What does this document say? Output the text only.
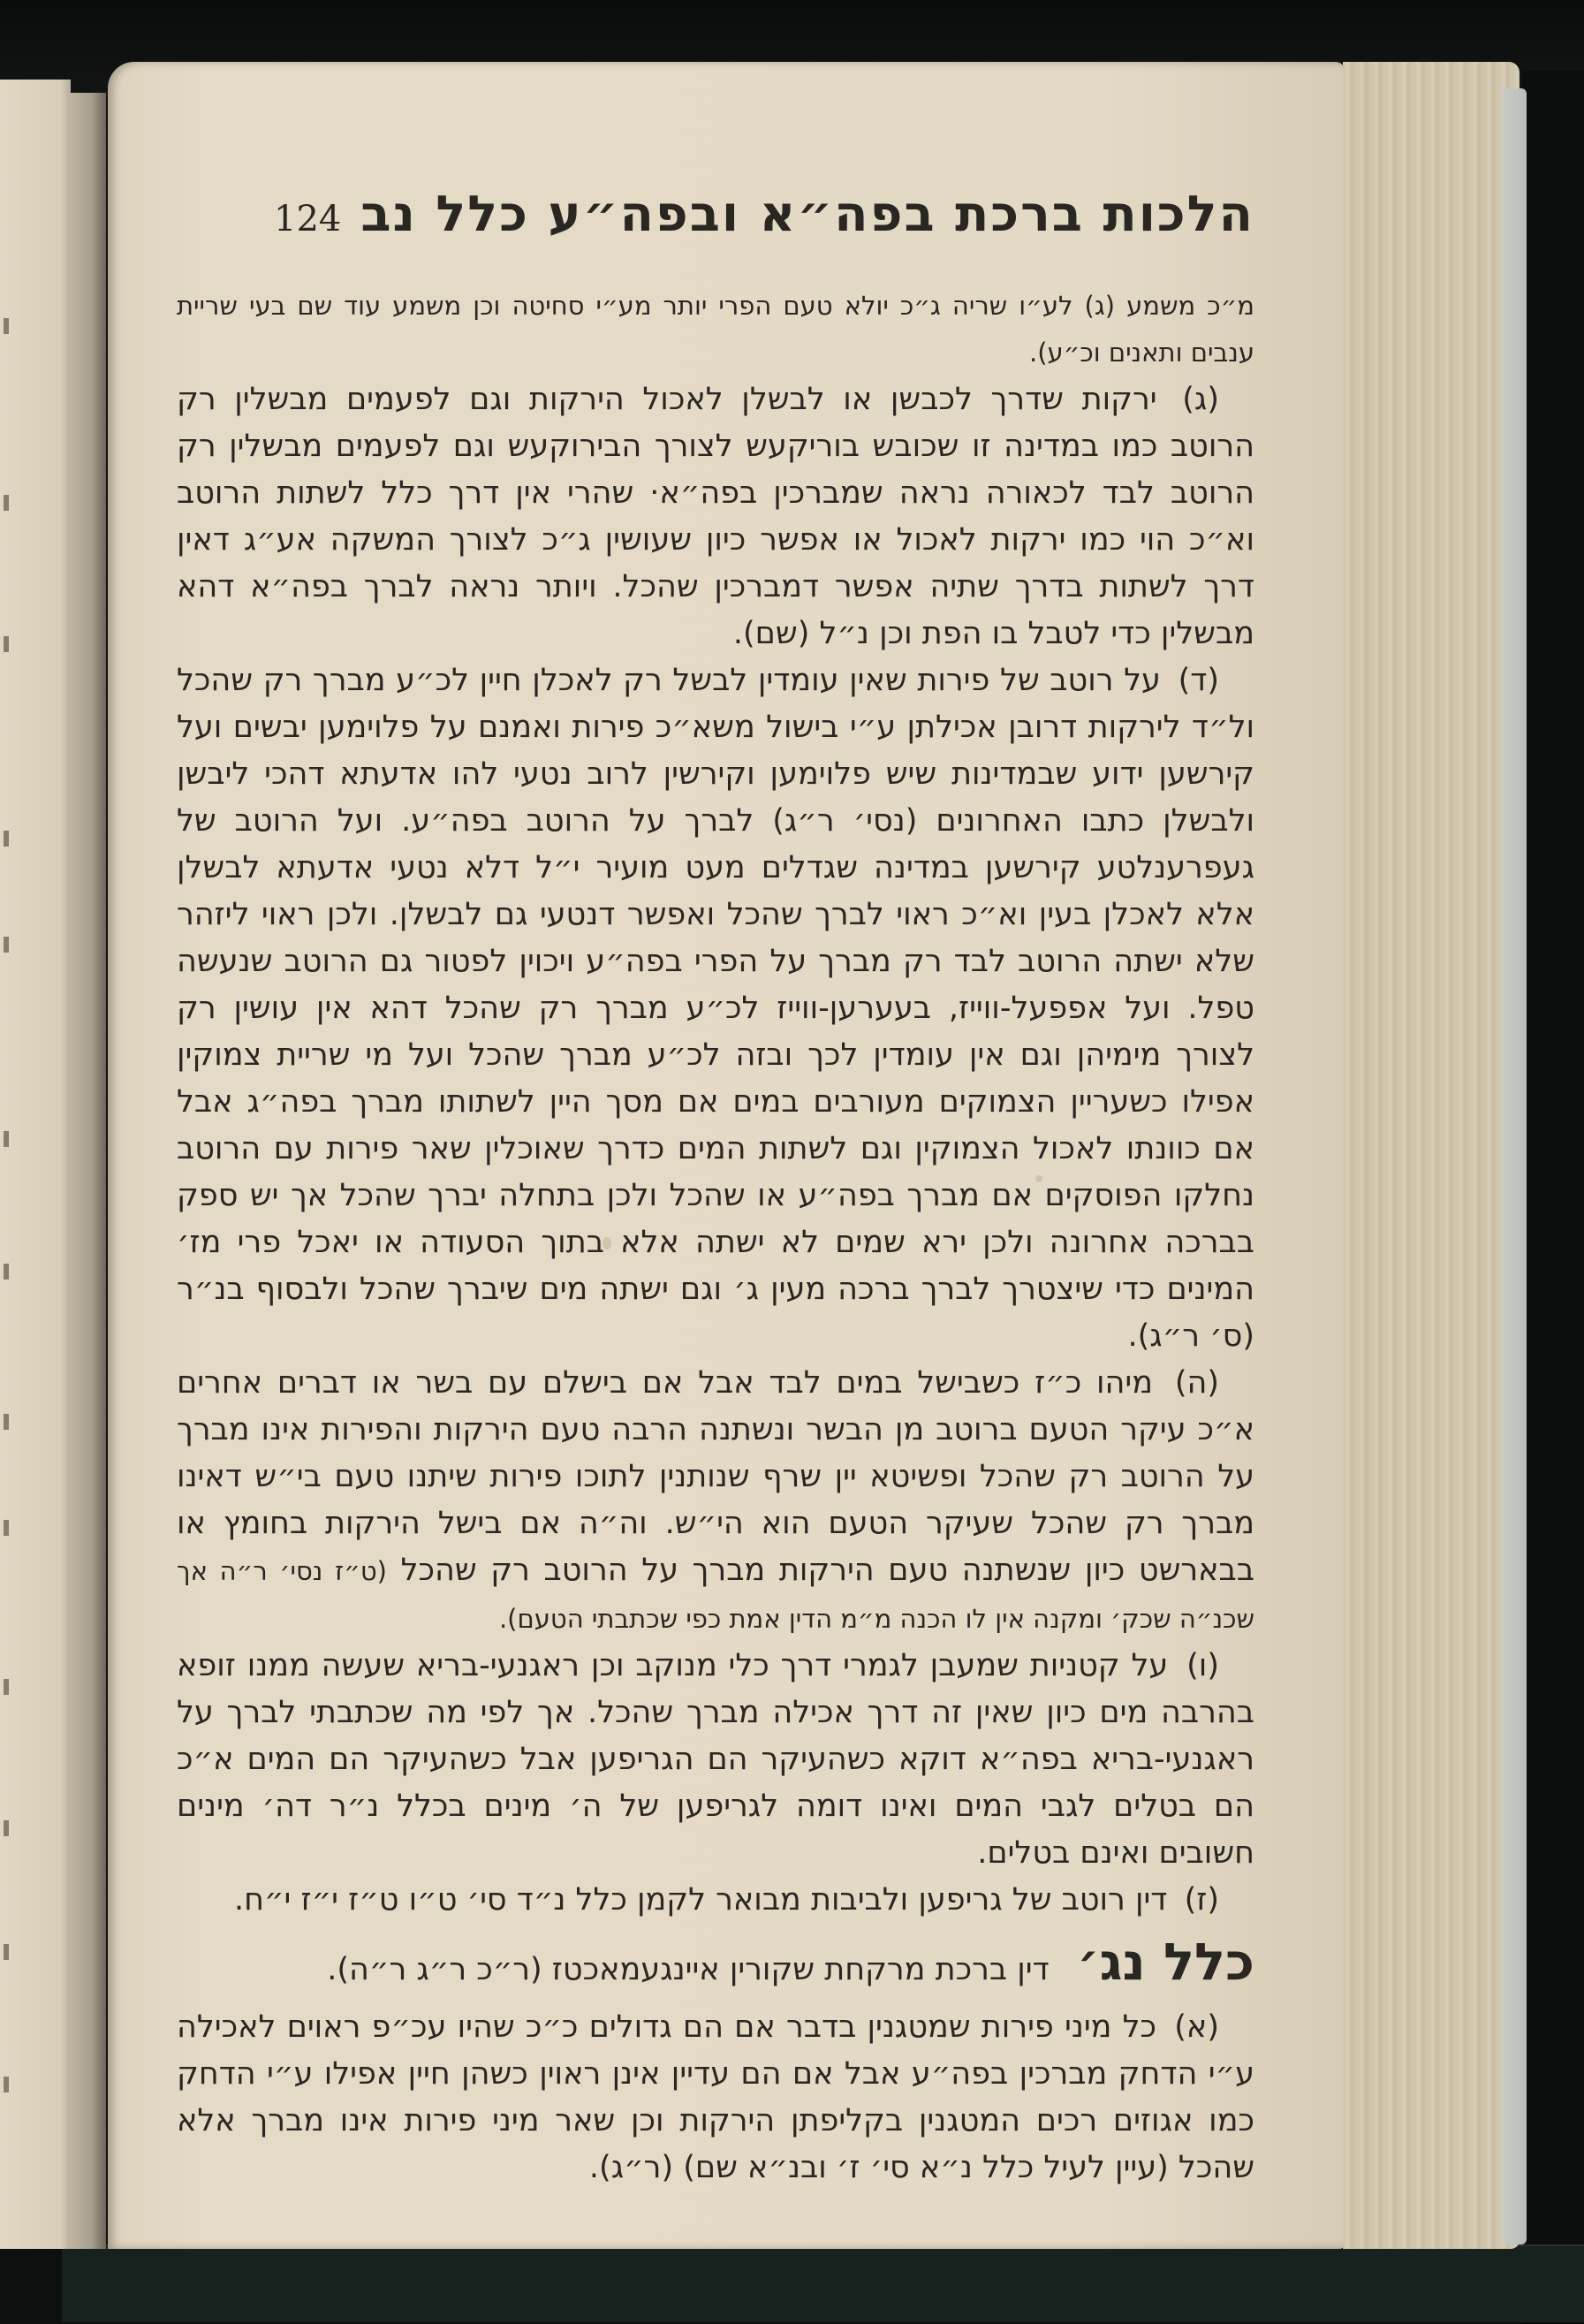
הלכות ברכת בפה״א ובפה״ע כלל נב
124

מ״כ משמע (ג) לע״ו שריה ג״כ יולא טעם הפרי יותר מע״י סחיטה וכן משמע עוד שם בעי שריית ענבים ותאנים וכ״ע).

(ג) ירקות שדרך לכבשן או לבשלן לאכול הירקות וגם לפעמים מבשלין רק הרוטב כמו במדינה זו שכובש בוריקעש לצורך הבירוקעש וגם לפעמים מבשלין רק הרוטב לבד לכאורה נראה שמברכין בפה״א· שהרי אין דרך כלל לשתות הרוטב וא״כ הוי כמו ירקות לאכול או אפשר כיון שעושין ג״כ לצורך המשקה אע״ג דאין דרך לשתות בדרך שתיה אפשר דמברכין שהכל. ויותר נראה לברך בפה״א דהא מבשלין כדי לטבל בו הפת וכן נ״ל (שם).

(ד) על רוטב של פירות שאין עומדין לבשל רק לאכלן חיין לכ״ע מברך רק שהכל ול״ד לירקות דרובן אכילתן ע״י בישול משא״כ פירות ואמנם על פלוימען יבשים ועל קירשען ידוע שבמדינות שיש פלוימען וקירשין לרוב נטעי להו אדעתא דהכי ליבשן ולבשלן כתבו האחרונים (נסי׳ ר״ג) לברך על הרוטב בפה״ע. ועל הרוטב של געפרענלטע קירשען במדינה שגדלים מעט מועיר י״ל דלא נטעי אדעתא לבשלן אלא לאכלן בעין וא״כ ראוי לברך שהכל ואפשר דנטעי גם לבשלן. ולכן ראוי ליזהר שלא ישתה הרוטב לבד רק מברך על הפרי בפה״ע ויכוין לפטור גם הרוטב שנעשה טפל. ועל אפפעל-ווייז, בעערען-ווייז לכ״ע מברך רק שהכל דהא אין עושין רק לצורך מימיהן וגם אין עומדין לכך ובזה לכ״ע מברך שהכל ועל מי שריית צמוקין אפילו כשעריין הצמוקים מעורבים במים אם מסך היין לשתותו מברך בפה״ג אבל אם כוונתו לאכול הצמוקין וגם לשתות המים כדרך שאוכלין שאר פירות עם הרוטב נחלקו הפוסקים אם מברך בפה״ע או שהכל ולכן בתחלה יברך שהכל אך יש ספק בברכה אחרונה ולכן ירא שמים לא ישתה אלא בתוך הסעודה או יאכל פרי מז׳ המינים כדי שיצטרך לברך ברכה מעין ג׳ וגם ישתה מים שיברך שהכל ולבסוף בנ״ר (ס׳ ר״ג).

(ה) מיהו כ״ז כשבישל במים לבד אבל אם בישלם עם בשר או דברים אחרים א״כ עיקר הטעם ברוטב מן הבשר ונשתנה הרבה טעם הירקות והפירות אינו מברך על הרוטב רק שהכל ופשיטא יין שרף שנותנין לתוכו פירות שיתנו טעם בי״ש דאינו מברך רק שהכל שעיקר הטעם הוא הי״ש. וה״ה אם בישל הירקות בחומץ או בבארשט כיון שנשתנה טעם הירקות מברך על הרוטב רק שהכל (ט״ז נסי׳ ר״ה אך שכנ״ה שכק׳ ומקנה אין לו הכנה מ״מ הדין אמת כפי שכתבתי הטעם).

(ו) על קטניות שמעבן לגמרי דרך כלי מנוקב וכן ראגנעי-בריא שעשה ממנו זופא בהרבה מים כיון שאין זה דרך אכילה מברך שהכל. אך לפי מה שכתבתי לברך על ראגנעי-בריא בפה״א דוקא כשהעיקר הם הגריפען אבל כשהעיקר הם המים א״כ הם בטלים לגבי המים ואינו דומה לגריפען של ה׳ מינים בכלל נ״ר דה׳ מינים חשובים ואינם בטלים.

(ז) דין רוטב של גריפען ולביבות מבואר לקמן כלל נ״ד סי׳ ט״ו ט״ז י״ז י״ח.

כלל נג׳ דין ברכת מרקחת שקורין איינגעמאכטז (ר״כ ר״ג ר״ה).

(א) כל מיני פירות שמטגנין בדבר אם הם גדולים כ״כ שהיו עכ״פ ראוים לאכילה ע״י הדחק מברכין בפה״ע אבל אם הם עדיין אינן ראוין כשהן חיין אפילו ע״י הדחק כמו אגוזים רכים המטגנין בקליפתן הירקות וכן שאר מיני פירות אינו מברך אלא שהכל (עיין לעיל כלל נ״א סי׳ ז׳ ובנ״א שם) (ר״ג).
